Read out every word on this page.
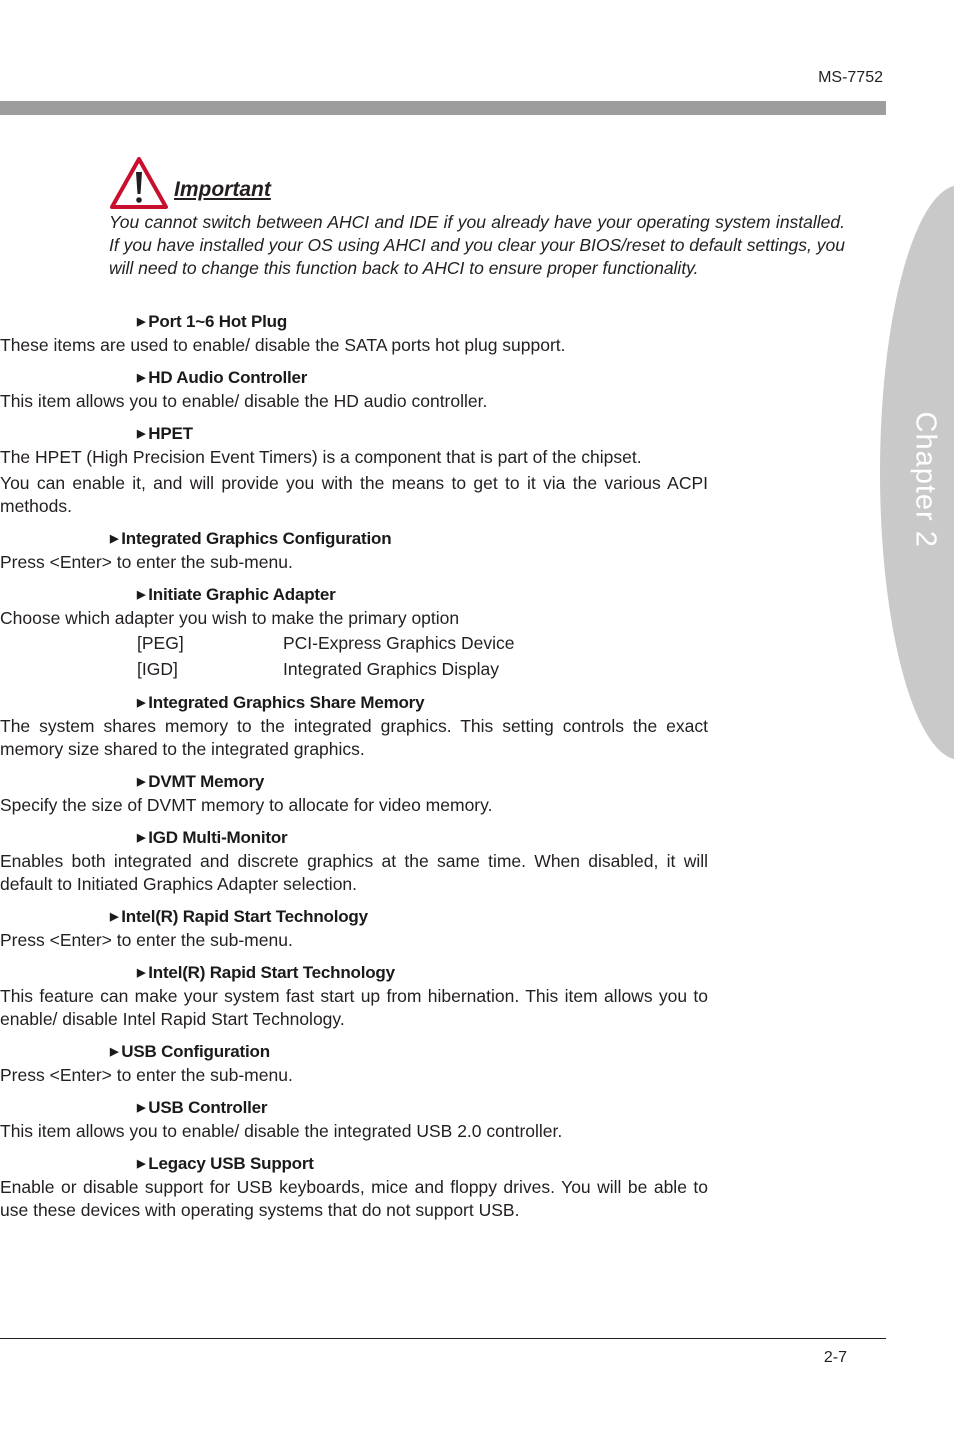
MS-7752
Chapter 2
Important

You cannot switch between AHCI and IDE if you already have your operating system installed. If you have installed your OS using AHCI and you clear your BIOS/reset to default settings, you will need to change this function back to AHCI to ensure proper functionality.

▶ Port 1~6 Hot Plug

These items are used to enable/ disable the SATA ports hot plug support.

▶ HD Audio Controller

This item allows you to enable/ disable the HD audio controller.

▶ HPET

The HPET (High Precision Event Timers) is a component that is part of the chipset.

You can enable it, and will provide you with the means to get to it via the various ACPI methods.

▶ Integrated Graphics Configuration

Press <Enter> to enter the sub-menu.

▶ Initiate Graphic Adapter

Choose which adapter you wish to make the primary option

[PEG]	PCI-Express Graphics Device

[IGD]	Integrated Graphics Display

▶ Integrated Graphics Share Memory

The system shares memory to the integrated graphics. This setting controls the exact memory size shared to the integrated graphics.

▶ DVMT Memory

Specify the size of DVMT memory to allocate for video memory.

▶ IGD Multi-Monitor

Enables both integrated and discrete graphics at the same time. When disabled, it will default to Initiated Graphics Adapter selection.

▶ Intel(R) Rapid Start Technology

Press <Enter> to enter the sub-menu.

▶ Intel(R) Rapid Start Technology

This feature can make your system fast start up from hibernation. This item allows you to enable/ disable Intel Rapid Start Technology.

▶ USB Configuration

Press <Enter> to enter the sub-menu.

▶ USB Controller

This item allows you to enable/ disable the integrated USB 2.0 controller.

▶ Legacy USB Support

Enable or disable support for USB keyboards, mice and floppy drives. You will be able to use these devices with operating systems that do not support USB.

2-7
